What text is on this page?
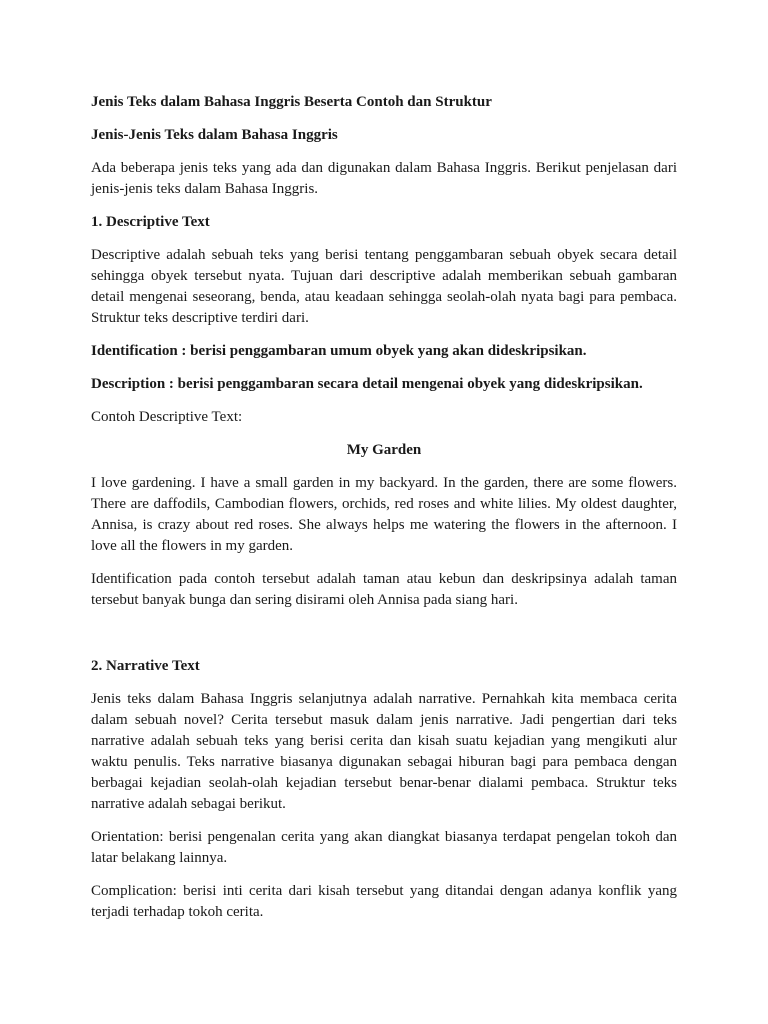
Jenis Teks dalam Bahasa Inggris Beserta Contoh dan Struktur

Jenis-Jenis Teks dalam Bahasa Inggris

Ada beberapa jenis teks yang ada dan digunakan dalam Bahasa Inggris. Berikut penjelasan dari jenis-jenis teks dalam Bahasa Inggris.

1. Descriptive Text

Descriptive adalah sebuah teks yang berisi tentang penggambaran sebuah obyek secara detail sehingga obyek tersebut nyata. Tujuan dari descriptive adalah memberikan sebuah gambaran detail mengenai seseorang, benda, atau keadaan sehingga seolah-olah nyata bagi para pembaca. Struktur teks descriptive terdiri dari.

Identification : berisi penggambaran umum obyek yang akan dideskripsikan.

Description : berisi penggambaran secara detail mengenai obyek yang dideskripsikan.

Contoh Descriptive Text:

My Garden

I love gardening. I have a small garden in my backyard. In the garden, there are some flowers. There are daffodils, Cambodian flowers, orchids, red roses and white lilies. My oldest daughter, Annisa, is crazy about red roses. She always helps me watering the flowers in the afternoon. I love all the flowers in my garden.

Identification pada contoh tersebut adalah taman atau kebun dan deskripsinya adalah taman tersebut banyak bunga dan sering disirami oleh Annisa pada siang hari.

2. Narrative Text

Jenis teks dalam Bahasa Inggris selanjutnya adalah narrative. Pernahkah kita membaca cerita dalam sebuah novel? Cerita tersebut masuk dalam jenis narrative. Jadi pengertian dari teks narrative adalah sebuah teks yang berisi cerita dan kisah suatu kejadian yang mengikuti alur waktu penulis. Teks narrative biasanya digunakan sebagai hiburan bagi para pembaca dengan berbagai kejadian seolah-olah kejadian tersebut benar-benar dialami pembaca. Struktur teks narrative adalah sebagai berikut.

Orientation: berisi pengenalan cerita yang akan diangkat biasanya terdapat pengelan tokoh dan latar belakang lainnya.

Complication: berisi inti cerita dari kisah tersebut yang ditandai dengan adanya konflik yang terjadi terhadap tokoh cerita.
